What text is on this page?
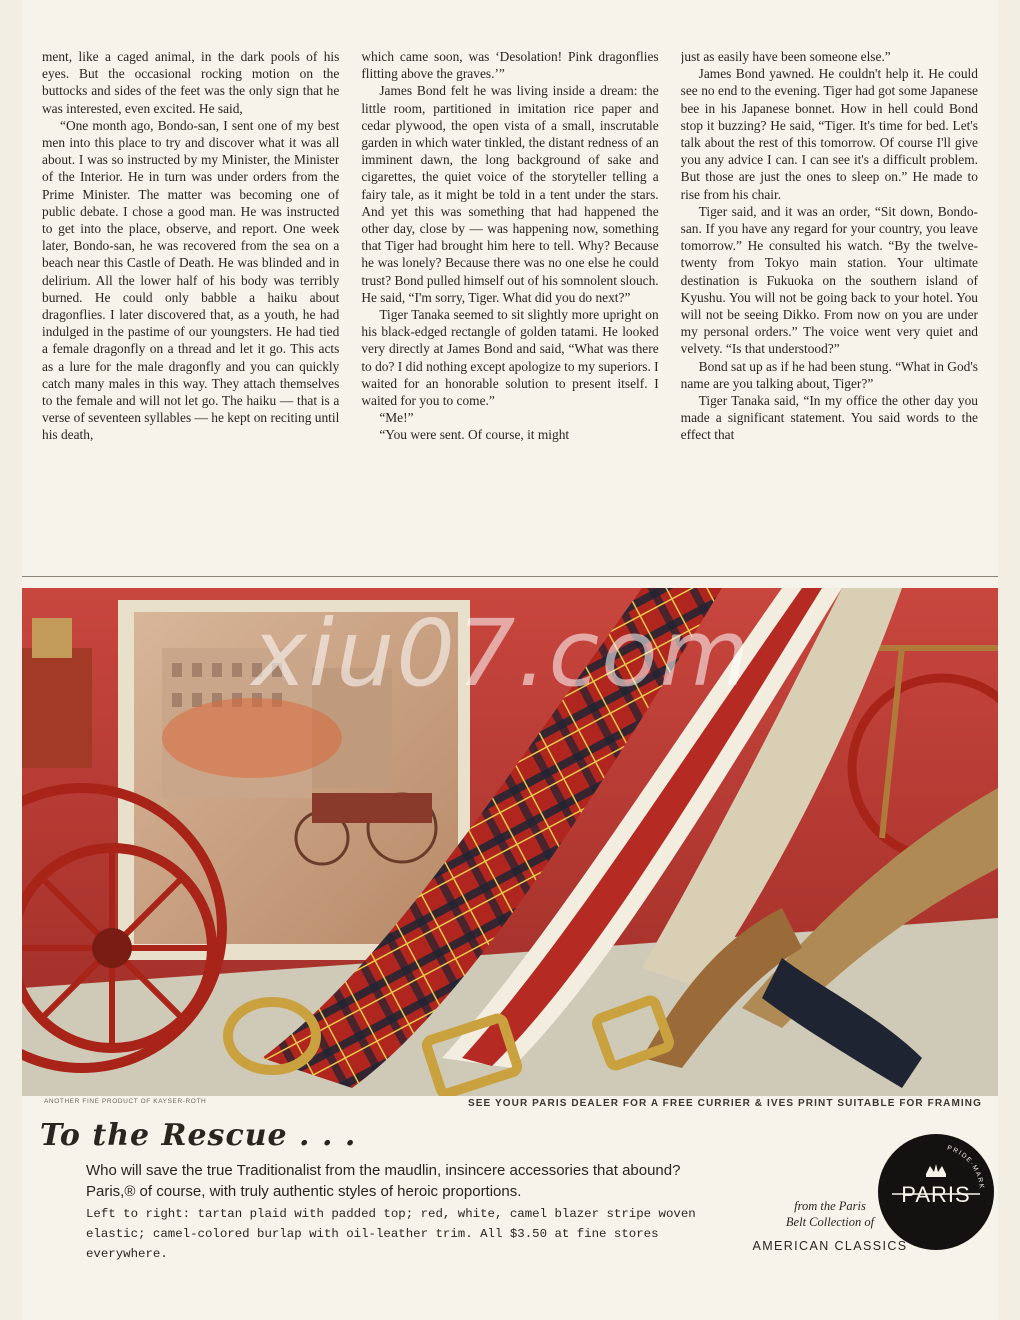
ment, like a caged animal, in the dark pools of his eyes. But the occasional rocking motion on the buttocks and sides of the feet was the only sign that he was interested, even excited. He said,

“One month ago, Bondo-san, I sent one of my best men into this place to try and discover what it was all about. I was so instructed by my Minister, the Minister of the Interior. He in turn was under orders from the Prime Minister. The matter was becoming one of public debate. I chose a good man. He was instructed to get into the place, observe, and report. One week later, Bondo-san, he was recovered from the sea on a beach near this Castle of Death. He was blinded and in delirium. All the lower half of his body was terribly burned. He could only babble a haiku about dragonflies. I later discovered that, as a youth, he had indulged in the pastime of our youngsters. He had tied a female dragonfly on a thread and let it go. This acts as a lure for the male dragonfly and you can quickly catch many males in this way. They attach themselves to the female and will not let go. The haiku — that is a verse of seventeen syllables — he kept on reciting until his death,

which came soon, was ‘Desolation! Pink dragonflies flitting above the graves.’”

James Bond felt he was living inside a dream: the little room, partitioned in imitation rice paper and cedar plywood, the open vista of a small, inscrutable garden in which water tinkled, the distant redness of an imminent dawn, the long background of sake and cigarettes, the quiet voice of the storyteller telling a fairy tale, as it might be told in a tent under the stars. And yet this was something that had happened the other day, close by — was happening now, something that Tiger had brought him here to tell. Why? Because he was lonely? Because there was no one else he could trust? Bond pulled himself out of his somnolent slouch. He said, “I'm sorry, Tiger. What did you do next?”

Tiger Tanaka seemed to sit slightly more upright on his black-edged rectangle of golden tatami. He looked very directly at James Bond and said, “What was there to do? I did nothing except apologize to my superiors. I waited for an honorable solution to present itself. I waited for you to come.”

“Me!”

“You were sent. Of course, it might

just as easily have been someone else.”

James Bond yawned. He couldn't help it. He could see no end to the evening. Tiger had got some Japanese bee in his Japanese bonnet. How in hell could Bond stop it buzzing? He said, “Tiger. It's time for bed. Let's talk about the rest of this tomorrow. Of course I'll give you any advice I can. I can see it's a difficult problem. But those are just the ones to sleep on.” He made to rise from his chair.

Tiger said, and it was an order, “Sit down, Bondo-san. If you have any regard for your country, you leave tomorrow.” He consulted his watch. “By the twelve-twenty from Tokyo main station. Your ultimate destination is Fukuoka on the southern island of Kyushu. You will not be going back to your hotel. You will not be seeing Dikko. From now on you are under my personal orders.” The voice went very quiet and velvety. “Is that understood?”

Bond sat up as if he had been stung. “What in God's name are you talking about, Tiger?”

Tiger Tanaka said, “In my office the other day you made a significant statement. You said words to the effect that

xiu07.com
ANOTHER FINE PRODUCT OF KAYSER-ROTH	SEE YOUR PARIS DEALER FOR A FREE CURRIER & IVES PRINT SUITABLE FOR FRAMING
To the Rescue . . .
Who will save the true Traditionalist from the maudlin, insincere accessories that abound? Paris,® of course, with truly authentic styles of heroic proportions.
Left to right: tartan plaid with padded top; red, white, camel blazer stripe woven elastic; camel-colored burlap with oil-leather trim. All $3.50 at fine stores everywhere.
from the Paris
Belt Collection of
AMERICAN CLASSICS
PRIDE·MARK
PARIS
